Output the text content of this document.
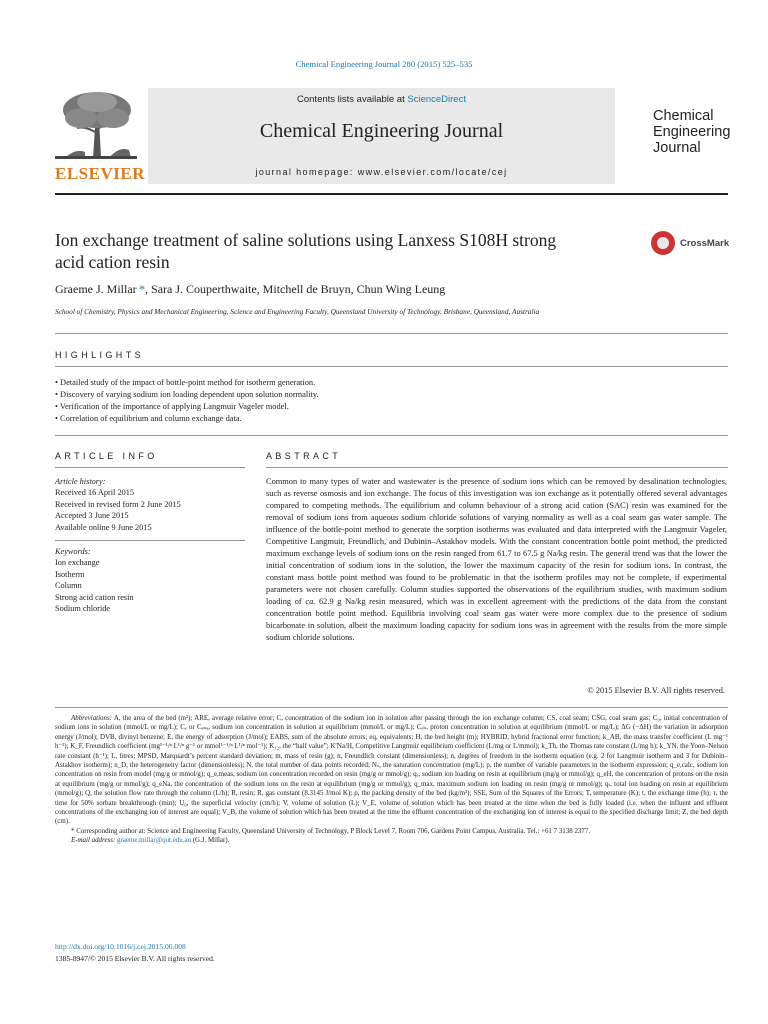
Chemical Engineering Journal 280 (2015) 525–535
ELSEVIER
Contents lists available at ScienceDirect
Chemical Engineering Journal
journal homepage: www.elsevier.com/locate/cej
Chemical
Engineering
Journal
Ion exchange treatment of saline solutions using Lanxess S108H strong
acid cation resin
CrossMark
Graeme J. Millar *, Sara J. Couperthwaite, Mitchell de Bruyn, Chun Wing Leung
School of Chemistry, Physics and Mechanical Engineering, Science and Engineering Faculty, Queensland University of Technology, Brisbane, Queensland, Australia
HIGHLIGHTS
• Detailed study of the impact of bottle-point method for isotherm generation.
• Discovery of varying sodium ion loading dependent upon solution normality.
• Verification of the importance of applying Langmuir Vageler model.
• Correlation of equilibrium and column exchange data.
ARTICLE INFO
Article history:
Received 16 April 2015
Received in revised form 2 June 2015
Accepted 3 June 2015
Available online 9 June 2015
Keywords:
Ion exchange
Isotherm
Column
Strong acid cation resin
Sodium chloride
ABSTRACT
Common to many types of water and wastewater is the presence of sodium ions which can be removed by desalination technologies, such as reverse osmosis and ion exchange. The focus of this investigation was ion exchange as it potentially offered several advantages compared to competing methods. The equilibrium and column behaviour of a strong acid cation (SAC) resin was examined for the removal of sodium ions from aqueous sodium chloride solutions of varying normality as well as a coal seam gas water sample. The influence of the bottle-point method to generate the sorption isotherms was evaluated and data interpreted with the Langmuir Vageler, Competitive Langmuir, Freundlich, and Dubinin–Astakhov models. With the constant concentration bottle point method, the predicted maximum exchange levels of sodium ions on the resin ranged from 61.7 to 67.5 g Na/kg resin. The general trend was that the lower the initial concentration of sodium ions in the solution, the lower the maximum capacity of the resin for sodium ions. In contrast, the constant mass bottle point method was found to be problematic in that the isotherm profiles may not be complete, if experimental parameters were not chosen carefully. Column studies supported the observations of the equilibrium studies, with maximum sodium loading of ca. 62.9 g Na/kg resin measured, which was in excellent agreement with the predictions of the data from the constant concentration bottle point method. Equilibria involving coal seam gas water were more complex due to the presence of sodium bicarbonate in solution, albeit the maximum loading capacity for sodium ions was in agreement with the results from the more simple sodium chloride solutions.
© 2015 Elsevier B.V. All rights reserved.
Abbreviations: A, the area of the bed (m²); ARE, average relative error; C, concentration of the sodium ion in solution after passing through the ion exchange column; CS, coal seam; CSG, coal seam gas; C₀, initial concentration of sodium ions in solution (mmol/L or mg/L); Cₑ or Cₑₙₐ, sodium ion concentration in solution at equilibrium (mmol/L or mg/L); Cₑₕ, proton concentration in solution at equilibrium (mmol/L or mg/L); ΔG (−ΔH) the variation in adsorption energy (J/mol); DVB, divinyl benzene; E, the energy of adsorption (J/mol); EABS, sum of the absolute errors; eq, equivalents; H, the bed height (m); HYBRID, hybrid fractional error function; k_AB, the mass transfer coefficient (L mg⁻¹ h⁻¹); K_F, Freundlich coefficient (mg¹⁻¹/ⁿ L¹/ⁿ g⁻¹ or mmol¹⁻¹/ⁿ L¹/ⁿ mol⁻¹); K₁₂, the “half value”; K′Na/H, Competitive Langmuir equilibrium coefficient (L/mg or L/mmol); k_Th, the Thomas rate constant (L/mg h); k_YN, the Yoon–Nelson rate constant (h⁻¹); L, litres; MPSD, Marquardt’s percent standard deviation; m, mass of resin (g); n, Freundlich constant (dimensionless); n, degrees of freedom in the isotherm equation (e.g. 2 for Langmuir isotherm and 3 for Dubinin–Astakhov isotherm); n_D, the heterogeneity factor (dimensionless); N, the total number of data points recorded; Nₛ, the saturation concentration (mg/L); p, the number of variable parameters in the isotherm expression; q_e,calc, sodium ion concentration on resin from model (mg/g or mmol/g); q_e,meas, sodium ion concentration recorded on resin (mg/g or mmol/g); qₑ, sodium ion loading on resin at equilibrium (mg/g or mmol/g); q_eH, the concentration of protons on the resin at equilibrium (mg/g or mmol/g); q_eNa, the concentration of the sodium ions on the resin at equilibrium (mg/g or mmol/g); q_max, maximum sodium ion loading on resin (mg/g or mmol/g); qₜ, total ion loading on resin at equilibrium (mmol/g); Q, the solution flow rate through the column (L/h); R, resin; R, gas constant (8.3145 J/mol K); ρ, the packing density of the bed (kg/m³); SSE, Sum of the Squares of the Errors; T, temperature (K); t, the exchange time (h); τ, the time for 50% sorbate breakthrough (min); U₀, the superficial velocity (cm/h); V, volume of solution (L); V_E, volume of solution which has been treated at the time when the bed is fully loaded (i.e. when the influent and effluent concentrations of the exchanging ion of interest are equal); V_B, the volume of solution which has been treated at the time the effluent concentration of the exchanging ion of interest is equal to the specified discharge limit; Z, the bed depth (cm).
* Corresponding author at: Science and Engineering Faculty, Queensland University of Technology, P Block Level 7, Room 706, Gardens Point Campus, Australia. Tel.: +61 7 3138 2377.
E-mail address: graeme.millar@qut.edu.au (G.J. Millar).
http://dx.doi.org/10.1016/j.cej.2015.06.008
1385-8947/© 2015 Elsevier B.V. All rights reserved.
